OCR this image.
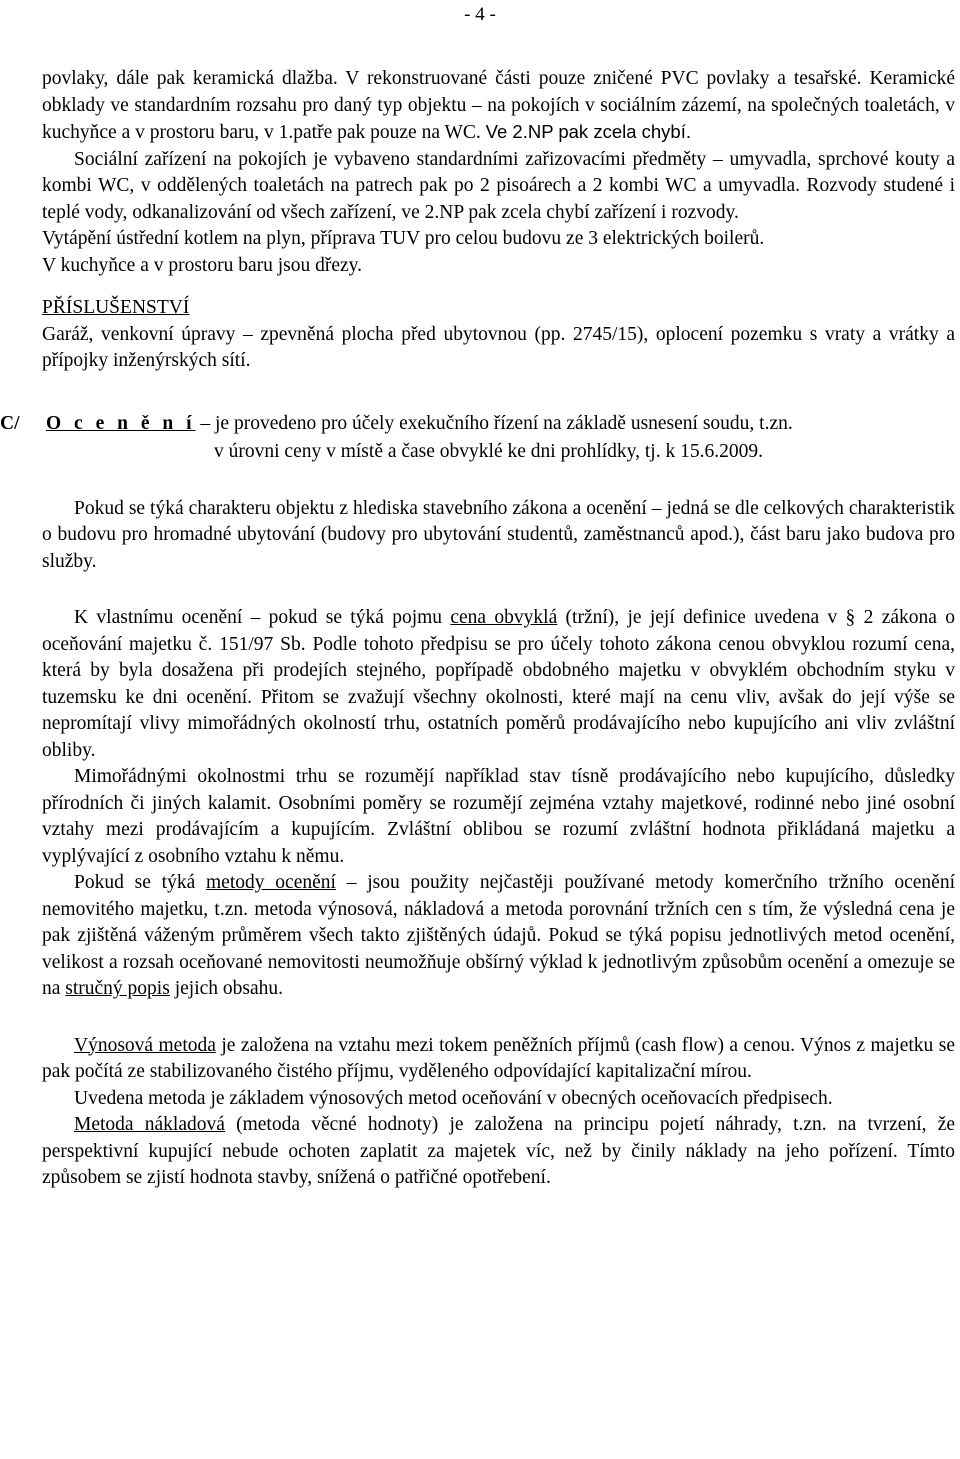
- 4 -

povlaky, dále pak keramická dlažba. V rekonstruované části pouze zničené PVC povlaky a tesařské. Keramické obklady ve standardním rozsahu pro daný typ objektu – na pokojích v sociálním zázemí, na společných toaletách, v kuchyňce a v prostoru baru, v 1.patře pak pouze na WC. Ve 2.NP pak zcela chybí.

Sociální zařízení na pokojích je vybaveno standardními zařizovacími předměty – umyvadla, sprchové kouty a kombi WC, v oddělených toaletách na patrech pak po 2 pisoárech a 2 kombi WC a umyvadla. Rozvody studené i teplé vody, odkanalizování od všech zařízení, ve 2.NP pak zcela chybí zařízení i rozvody.

Vytápění ústřední kotlem na plyn, příprava TUV pro celou budovu ze 3 elektrických boilerů.

V kuchyňce a v prostoru baru jsou dřezy.

PŘÍSLUŠENSTVÍ

Garáž, venkovní úpravy – zpevněná plocha před ubytovnou (pp. 2745/15), oplocení pozemku s vraty a vrátky a přípojky inženýrských sítí.

C/ O c e n ě n í – je provedeno pro účely exekučního řízení na základě usnesení soudu, t.zn.
v úrovni ceny v místě a čase obvyklé ke dni prohlídky, tj. k 15.6.2009.

Pokud se týká charakteru objektu z hlediska stavebního zákona a ocenění – jedná se dle celkových charakteristik o budovu pro hromadné ubytování (budovy pro ubytování studentů, zaměstnanců apod.), část baru jako budova pro služby.

K vlastnímu ocenění – pokud se týká pojmu cena obvyklá (tržní), je její definice uvedena v § 2 zákona o oceňování majetku č. 151/97 Sb. Podle tohoto předpisu se pro účely tohoto zákona cenou obvyklou rozumí cena, která by byla dosažena při prodejích stejného, popřípadě obdobného majetku v obvyklém obchodním styku v tuzemsku ke dni ocenění. Přitom se zvažují všechny okolnosti, které mají na cenu vliv, avšak do její výše se nepromítají vlivy mimořádných okolností trhu, ostatních poměrů prodávajícího nebo kupujícího ani vliv zvláštní obliby.

Mimořádnými okolnostmi trhu se rozumějí například stav tísně prodávajícího nebo kupujícího, důsledky přírodních či jiných kalamit. Osobními poměry se rozumějí zejména vztahy majetkové, rodinné nebo jiné osobní vztahy mezi prodávajícím a kupujícím. Zvláštní oblibou se rozumí zvláštní hodnota přikládaná majetku a vyplývající z osobního vztahu k němu.

Pokud se týká metody ocenění – jsou použity nejčastěji používané metody komerčního tržního ocenění nemovitého majetku, t.zn. metoda výnosová, nákladová a metoda porovnání tržních cen s tím, že výsledná cena je pak zjištěná váženým průměrem všech takto zjištěných údajů. Pokud se týká popisu jednotlivých metod ocenění, velikost a rozsah oceňované nemovitosti neumožňuje obšírný výklad k jednotlivým způsobům ocenění a omezuje se na stručný popis jejich obsahu.

Výnosová metoda je založena na vztahu mezi tokem peněžních příjmů (cash flow) a cenou. Výnos z majetku se pak počítá ze stabilizovaného čistého příjmu, vyděleného odpovídající kapitalizační mírou.

Uvedena metoda je základem výnosových metod oceňování v obecných oceňovacích předpisech.

Metoda nákladová (metoda věcné hodnoty) je založena na principu pojetí náhrady, t.zn. na tvrzení, že perspektivní kupující nebude ochoten zaplatit za majetek víc, než by činily náklady na jeho pořízení. Tímto způsobem se zjistí hodnota stavby, snížená o patřičné opotřebení.
